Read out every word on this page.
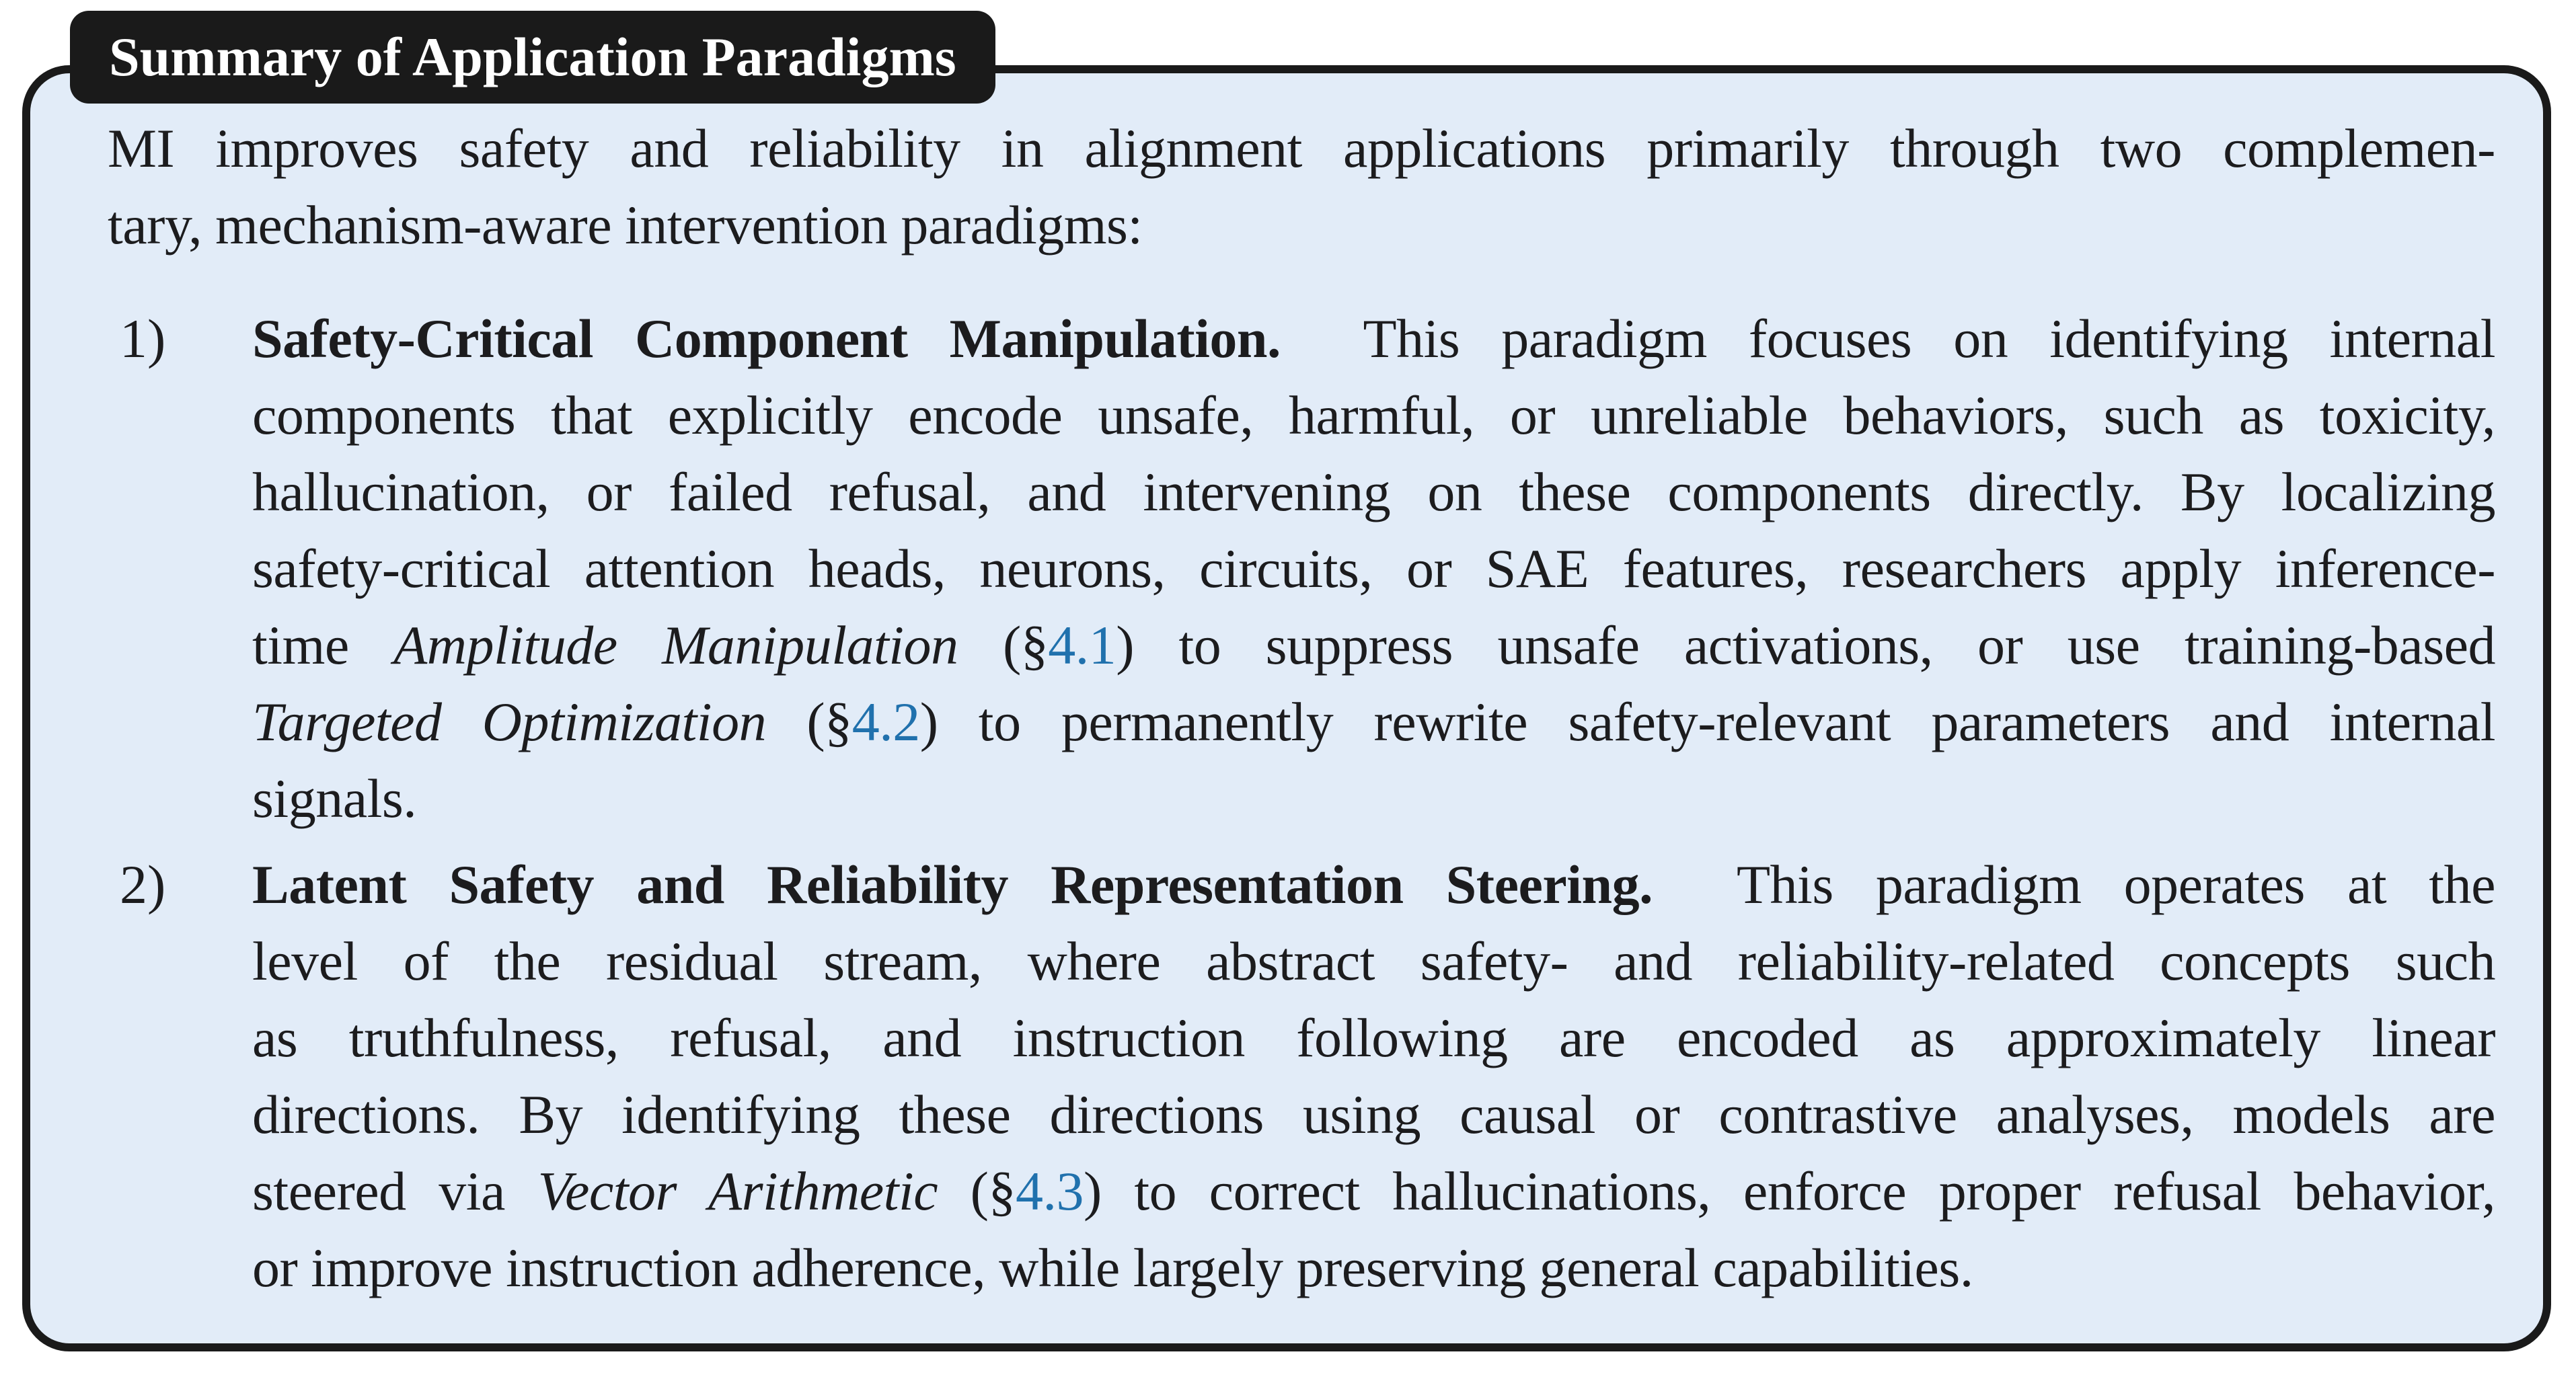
MI improves safety and reliability in alignment applications primarily through two complemen-
tary, mechanism-aware intervention paradigms:
1) Safety-Critical Component Manipulation.  This paradigm focuses on identifying internal
components that explicitly encode unsafe, harmful, or unreliable behaviors, such as toxicity,
hallucination, or failed refusal, and intervening on these components directly. By localizing
safety-critical attention heads, neurons, circuits, or SAE features, researchers apply inference-
time Amplitude Manipulation (§4.1) to suppress unsafe activations, or use training-based
Targeted Optimization (§4.2) to permanently rewrite safety-relevant parameters and internal
signals.
2) Latent Safety and Reliability Representation Steering.  This paradigm operates at the
level of the residual stream, where abstract safety- and reliability-related concepts such
as truthfulness, refusal, and instruction following are encoded as approximately linear
directions. By identifying these directions using causal or contrastive analyses, models are
steered via Vector Arithmetic (§4.3) to correct hallucinations, enforce proper refusal behavior,
or improve instruction adherence, while largely preserving general capabilities.
Summary of Application Paradigms
